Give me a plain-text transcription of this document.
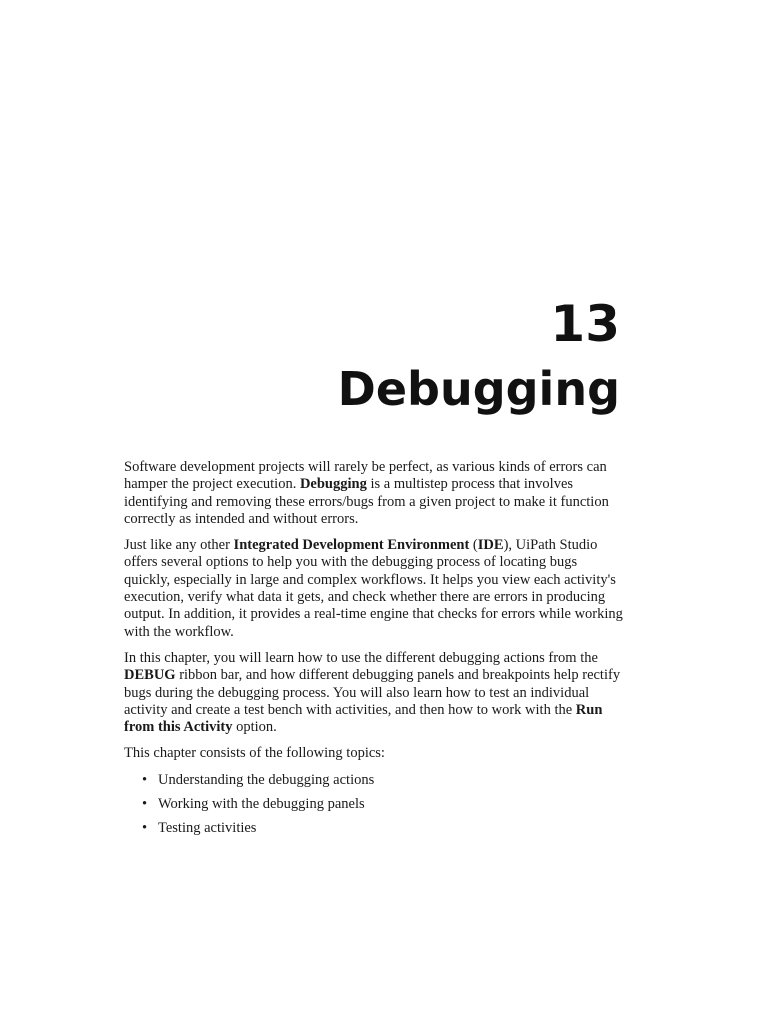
13
Debugging

Software development projects will rarely be perfect, as various kinds of errors can hamper the project execution. Debugging is a multistep process that involves identifying and removing these errors/bugs from a given project to make it function correctly as intended and without errors.

Just like any other Integrated Development Environment (IDE), UiPath Studio offers several options to help you with the debugging process of locating bugs quickly, especially in large and complex workflows. It helps you view each activity's execution, verify what data it gets, and check whether there are errors in producing output. In addition, it provides a real-time engine that checks for errors while working with the workflow.

In this chapter, you will learn how to use the different debugging actions from the DEBUG ribbon bar, and how different debugging panels and breakpoints help rectify bugs during the debugging process. You will also learn how to test an individual activity and create a test bench with activities, and then how to work with the Run from this Activity option.

This chapter consists of the following topics:

• Understanding the debugging actions
• Working with the debugging panels
• Testing activities
